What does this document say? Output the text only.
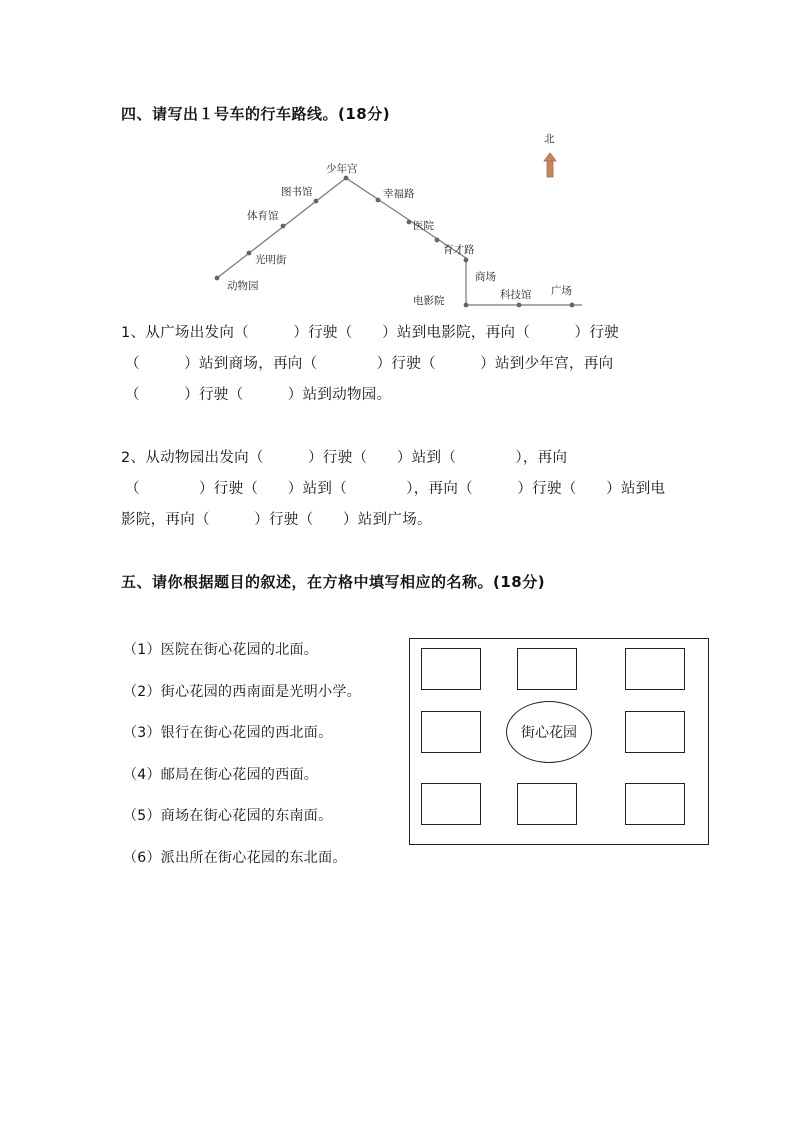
四、请写出１号车的行车路线。(18分)
少年宫
图书馆
体育馆
光明街
动物园
幸福路
医院
育才路
商场
电影院	科技馆 广场
北
1、从广场出发向（　　　）行驶（　　）站到电影院，再向（　　　）行驶
（　　　）站到商场，再向（　　　　）行驶（　　　）站到少年宫，再向
（　　　）行驶（　　　）站到动物园。
2、从动物园出发向（　　　）行驶（　　）站到（　　　　），再向
（　　　　）行驶（　　）站到（　　　　），再向（　　　）行驶（　　）站到电
影院，再向（　　　）行驶（　　）站到广场。
五、请你根据题目的叙述，在方格中填写相应的名称。(18分)
（1）医院在街心花园的北面。
（2）街心花园的西南面是光明小学。
（3）银行在街心花园的西北面。
（4）邮局在街心花园的西面。
（5）商场在街心花园的东南面。
（6）派出所在街心花园的东北面。
街心花园
